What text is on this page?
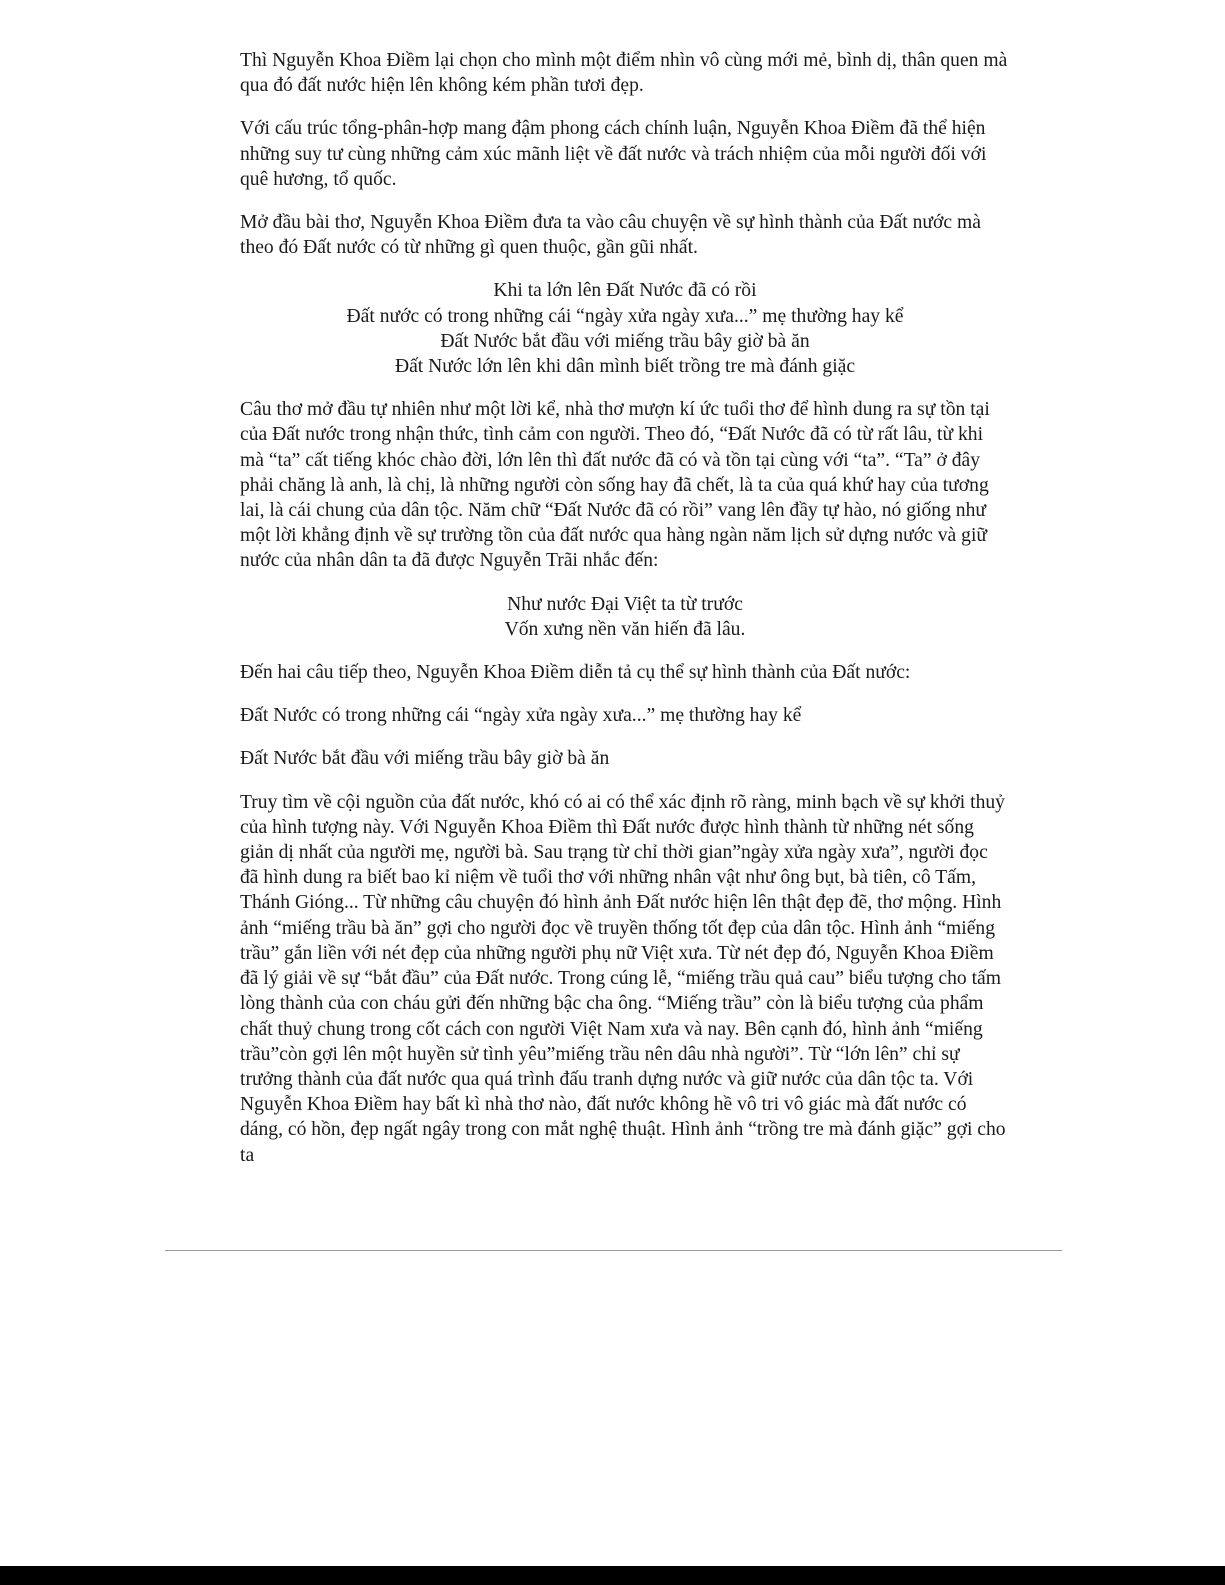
Thì Nguyễn Khoa Điềm lại chọn cho mình một điểm nhìn vô cùng mới mẻ, bình dị, thân quen mà qua đó đất nước hiện lên không kém phần tươi đẹp.

Với cấu trúc tổng-phân-hợp mang đậm phong cách chính luận, Nguyễn Khoa Điềm đã thể hiện những suy tư cùng những cảm xúc mãnh liệt về đất nước và trách nhiệm của mỗi người đối với quê hương, tổ quốc.

Mở đầu bài thơ, Nguyễn Khoa Điềm đưa ta vào câu chuyện về sự hình thành của Đất nước mà theo đó Đất nước có từ những gì quen thuộc, gần gũi nhất.

Khi ta lớn lên Đất Nước đã có rồi
Đất nước có trong những cái “ngày xửa ngày xưa...” mẹ thường hay kể
Đất Nước bắt đầu với miếng trầu bây giờ bà ăn
Đất Nước lớn lên khi dân mình biết trồng tre mà đánh giặc

Câu thơ mở đầu tự nhiên như một lời kể, nhà thơ mượn kí ức tuổi thơ để hình dung ra sự tồn tại của Đất nước trong nhận thức, tình cảm con người. Theo đó, “Đất Nước đã có từ rất lâu, từ khi mà “ta” cất tiếng khóc chào đời, lớn lên thì đất nước đã có và tồn tại cùng với “ta”. “Ta” ở đây phải chăng là anh, là chị, là những người còn sống hay đã chết, là ta của quá khứ hay của tương lai, là cái chung của dân tộc. Năm chữ “Đất Nước đã có rồi” vang lên đầy tự hào, nó giống như một lời khẳng định về sự trường tồn của đất nước qua hàng ngàn năm lịch sử dựng nước và giữ nước của nhân dân ta đã được Nguyễn Trãi nhắc đến:

Như nước Đại Việt ta từ trước
Vốn xưng nền văn hiến đã lâu.

Đến hai câu tiếp theo, Nguyễn Khoa Điềm diễn tả cụ thể sự hình thành của Đất nước:

Đất Nước có trong những cái “ngày xửa ngày xưa...” mẹ thường hay kể

Đất Nước bắt đầu với miếng trầu bây giờ bà ăn

Truy tìm về cội nguồn của đất nước, khó có ai có thể xác định rõ ràng, minh bạch về sự khởi thuỷ của hình tượng này. Với Nguyễn Khoa Điềm thì Đất nước được hình thành từ những nét sống giản dị nhất của người mẹ, người bà. Sau trạng từ chỉ thời gian”ngày xửa ngày xưa”, người đọc đã hình dung ra biết bao kỉ niệm về tuổi thơ với những nhân vật như ông bụt, bà tiên, cô Tấm, Thánh Gióng... Từ những câu chuyện đó hình ảnh Đất nước hiện lên thật đẹp đẽ, thơ mộng. Hình ảnh “miếng trầu bà ăn” gợi cho người đọc về truyền thống tốt đẹp của dân tộc. Hình ảnh “miếng trầu” gắn liền với nét đẹp của những người phụ nữ Việt xưa. Từ nét đẹp đó, Nguyễn Khoa Điềm đã lý giải về sự “bắt đầu” của Đất nước. Trong cúng lễ, “miếng trầu quả cau” biểu tượng cho tấm lòng thành của con cháu gửi đến những bậc cha ông. “Miếng trầu” còn là biểu tượng của phẩm chất thuỷ chung trong cốt cách con người Việt Nam xưa và nay. Bên cạnh đó, hình ảnh “miếng trầu”còn gợi lên một huyền sử tình yêu”miếng trầu nên dâu nhà người”. Từ “lớn lên” chỉ sự trưởng thành của đất nước qua quá trình đấu tranh dựng nước và giữ nước của dân tộc ta. Với Nguyễn Khoa Điềm hay bất kì nhà thơ nào, đất nước không hề vô tri vô giác mà đất nước có dáng, có hồn, đẹp ngất ngây trong con mắt nghệ thuật. Hình ảnh “trồng tre mà đánh giặc” gợi cho ta
